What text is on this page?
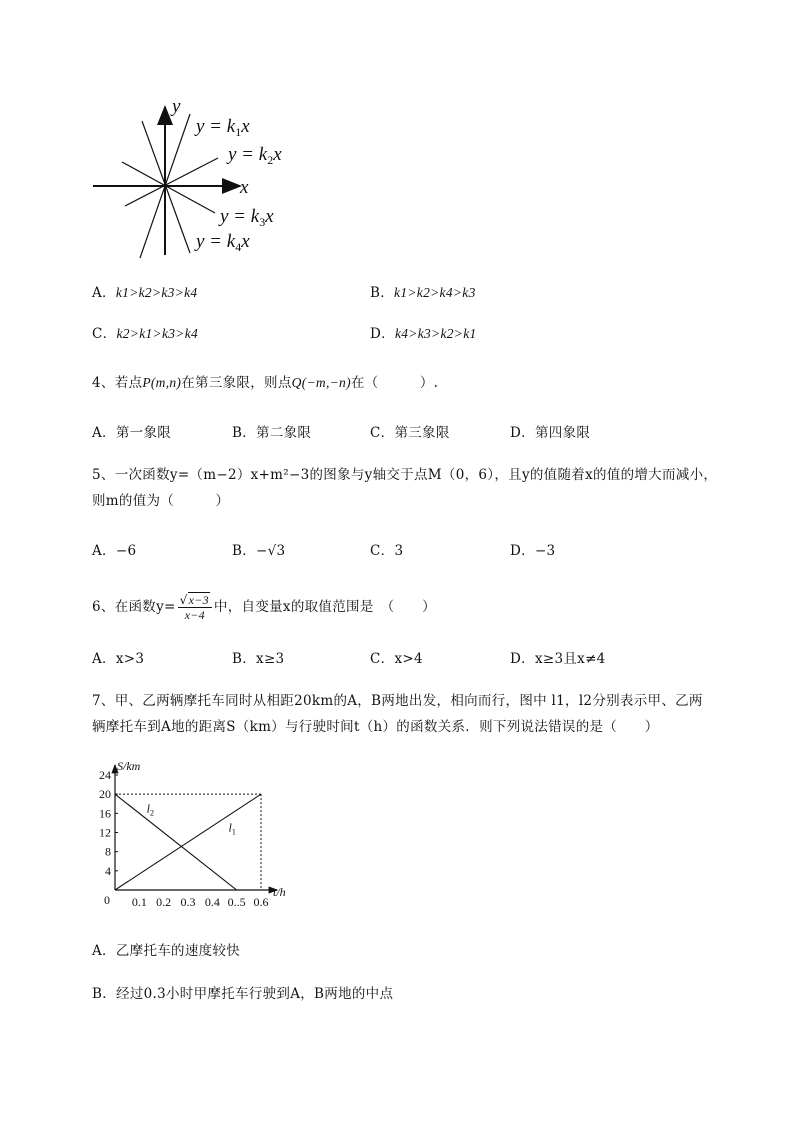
y
x
$y = k_1x$
$y = k_2x$
$y = k_3x$
$y = k_4x$
A．k1>k2>k3>k4	B．k1>k2>k4>k3
C．k2>k1>k3>k4	D．k4>k3>k2>k1
4、若点P(m,n)在第三象限，则点Q(−m,−n)在（　　　）.
A．第一象限	B．第二象限	C．第三象限	D．第四象限
5、一次函数y=（m−2）x+m²−3的图象与y轴交于点M（0，6），且y的值随着x的值的增大而减小，
则m的值为（　　　）
A．−6	B．−√3	C．3	D．−3
6、在函数$y= \frac{√x-3}{x-4}$ 中，自变量x的取值范围是　（　　）
A．x>3	B．x≥3	C．x>4	D．x≥3且x≠4
7、甲、乙两辆摩托车同时从相距20km的A，B两地出发，相向而行，图中 l1，l2分别表示甲、乙两
辆摩托车到A地的距离S（km）与行驶时间t（h）的函数关系．则下列说法错误的是（　　）
4
8
12
16
20
24
0.1 0.2 0.3 0.4 0..5 0.6
0
$l_1$
$l_2$
S/km
t/h
A．乙摩托车的速度较快
B．经过0.3小时甲摩托车行驶到A，B两地的中点
